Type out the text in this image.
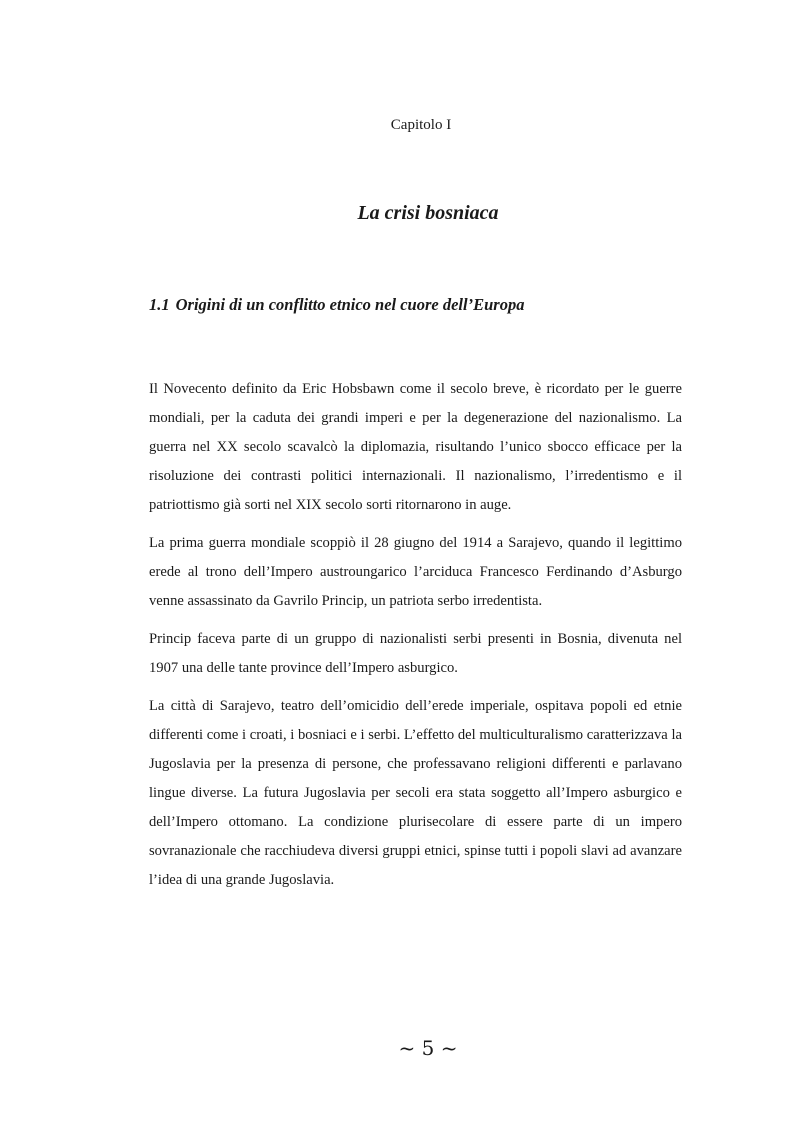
Capitolo I
La crisi bosniaca
1.1 Origini di un conflitto etnico nel cuore dell’Europa

Il Novecento definito da Eric Hobsbawn come il secolo breve, è ricordato per le guerre mondiali, per la caduta dei grandi imperi e per la degenerazione del nazionalismo. La guerra nel XX secolo scavalcò la diplomazia, risultando l’unico sbocco efficace per la risoluzione dei contrasti politici internazionali. Il nazionalismo, l’irredentismo e il patriottismo già sorti nel XIX secolo sorti ritornarono in auge.

La prima guerra mondiale scoppiò il 28 giugno del 1914 a Sarajevo, quando il legittimo erede al trono dell’Impero austroungarico l’arciduca Francesco Ferdinando d’Asburgo venne assassinato da Gavrilo Princip, un patriota serbo irredentista.

Princip faceva parte di un gruppo di nazionalisti serbi presenti in Bosnia, divenuta nel 1907 una delle tante province dell’Impero asburgico.

La città di Sarajevo, teatro dell’omicidio dell’erede imperiale, ospitava popoli ed etnie differenti come i croati, i bosniaci e i serbi. L’effetto del multiculturalismo caratterizzava la Jugoslavia per la presenza di persone, che professavano religioni differenti e parlavano lingue diverse. La futura Jugoslavia per secoli era stata soggetto all’Impero asburgico e dell’Impero ottomano. La condizione plurisecolare di essere parte di un impero sovranazionale che racchiudeva diversi gruppi etnici, spinse tutti i popoli slavi ad avanzare l’idea di una grande Jugoslavia.

~ 5 ~
